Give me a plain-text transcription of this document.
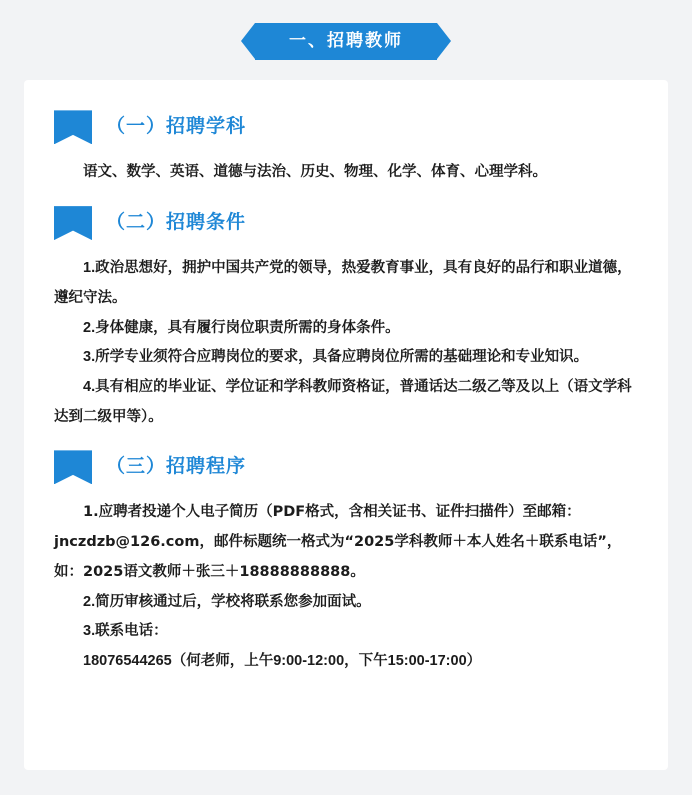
一、招聘教师
（一）招聘学科

语文、数学、英语、道德与法治、历史、物理、化学、体育、心理学科。

（二）招聘条件

1.政治思想好，拥护中国共产党的领导，热爱教育事业，具有良好的品行和职业道德，遵纪守法。

2.身体健康，具有履行岗位职责所需的身体条件。

3.所学专业须符合应聘岗位的要求，具备应聘岗位所需的基础理论和专业知识。

4.具有相应的毕业证、学位证和学科教师资格证，普通话达二级乙等及以上（语文学科达到二级甲等）。

（三）招聘程序

1.应聘者投递个人电子简历（PDF格式，含相关证书、证件扫描件）至邮箱：jnczdzb@126.com，邮件标题统一格式为“2025学科教师＋本人姓名＋联系电话”，如：2025语文教师＋张三＋18888888888。

2.简历审核通过后，学校将联系您参加面试。

3.联系电话：

18076544265（何老师，上午9:00-12:00，下午15:00-17:00）
